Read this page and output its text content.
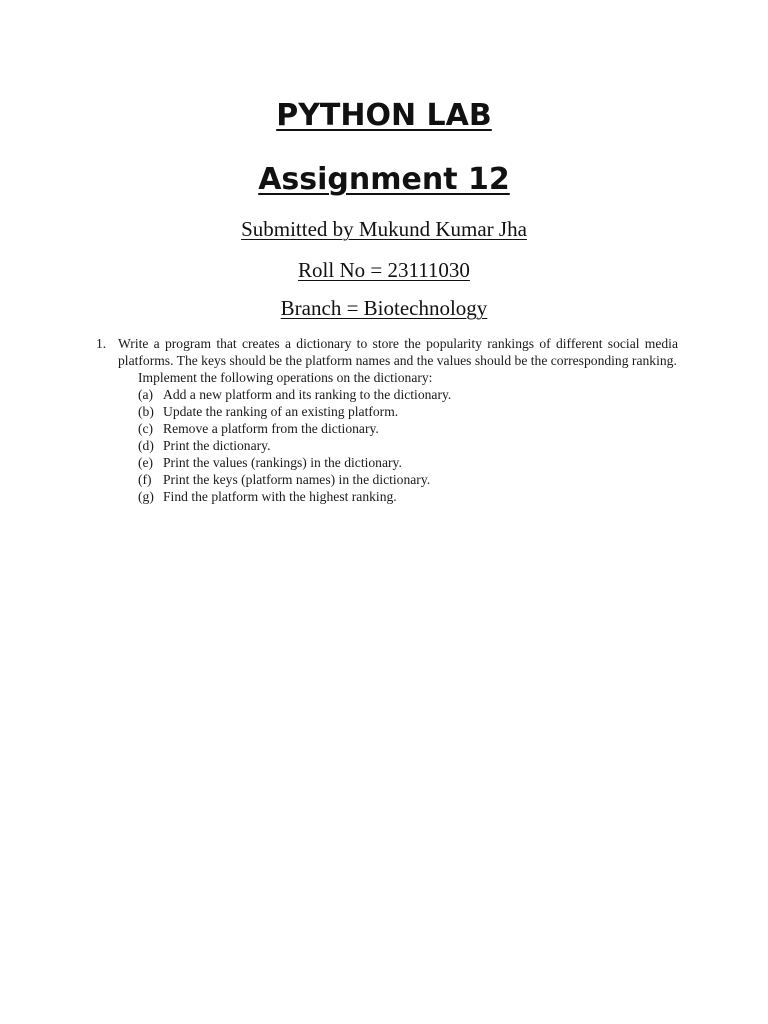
PYTHON LAB
Assignment 12

Submitted by Mukund Kumar Jha

Roll No = 23111030

Branch = Biotechnology

1. Write a program that creates a dictionary to store the popularity rankings of different social media platforms. The keys should be the platform names and the values should be the corresponding ranking.
Implement the following operations on the dictionary:
(a) Add a new platform and its ranking to the dictionary.
(b) Update the ranking of an existing platform.
(c) Remove a platform from the dictionary.
(d) Print the dictionary.
(e) Print the values (rankings) in the dictionary.
(f) Print the keys (platform names) in the dictionary.
(g) Find the platform with the highest ranking.
